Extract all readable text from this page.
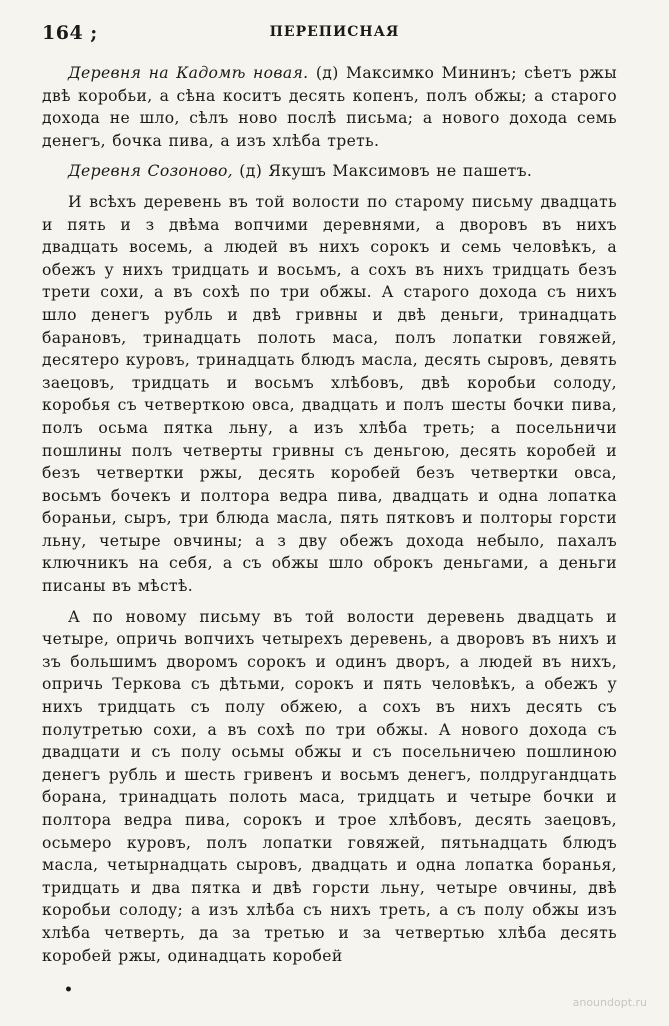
164 ;	ПЕРЕПИСНАЯ

Деревня на Кадомѣ новая. (д) Максимко Мининъ; сѣетъ ржы двѣ коробьи, а сѣна коситъ десять копенъ, полъ обжы; а старого дохода не шло, сѣлъ ново послѣ письма; а нового дохода семь денегъ, бочка пива, а изъ хлѣба треть.

Деревня Созоново, (д) Якушъ Максимовъ не пашетъ.

И всѣхъ деревень въ той волости по старому письму двадцать и пять и з двѣма вопчими деревнями, а дворовъ въ нихъ двадцать восемь, а людей въ нихъ сорокъ и семь человѣкъ, а обежъ у нихъ тридцать и восьмъ, а сохъ въ нихъ тридцать безъ трети сохи, а въ сохѣ по три обжы. А старого дохода съ нихъ шло денегъ рубль и двѣ гривны и двѣ деньги, тринадцать барановъ, тринадцать полоть маса, полъ лопатки говяжей, десятеро куровъ, тринадцать блюдъ масла, десять сыровъ, девять заецовъ, тридцать и восьмъ хлѣбовъ, двѣ коробьи солоду, коробья съ четверткою овса, двадцать и полъ шесты бочки пива, полъ осьма пятка льну, а изъ хлѣба треть; а посельничи пошлины полъ четверты гривны съ деньгою, десять коробей и безъ четвертки ржы, десять коробей безъ четвертки овса, восьмъ бочекъ и полтора ведра пива, двадцать и одна лопатка бораньи, сыръ, три блюда масла, пять пятковъ и полторы горсти льну, четыре овчины; а з дву обежъ дохода небыло, пахалъ ключникъ на себя, а съ обжы шло оброкъ деньгами, а деньги писаны въ мѣстѣ.

А по новому письму въ той волости деревень двадцать и четыре, опричь вопчихъ четырехъ деревень, а дворовъ въ нихъ и зъ большимъ дворомъ сорокъ и одинъ дворъ, а людей въ нихъ, опричь Теркова съ дѣтьми, сорокъ и пять человѣкъ, а обежъ у нихъ тридцать съ полу обжею, а сохъ въ нихъ десять съ полутретью сохи, а въ сохѣ по три обжы. А нового дохода съ двадцати и съ полу осьмы обжы и съ посельничею пошлиною денегъ рубль и шесть гривенъ и восьмъ денегъ, полдругандцать борана, тринадцать полоть маса, тридцать и четыре бочки и полтора ведра пива, сорокъ и трое хлѣбовъ, десять заецовъ, осьмеро куровъ, полъ лопатки говяжей, пятьнадцать блюдъ масла, четырнадцать сыровъ, двадцать и одна лопатка боранья, тридцать и два пятка и двѣ горсти льну, четыре овчины, двѣ коробьи солоду; а изъ хлѣба съ нихъ треть, а съ полу обжы изъ хлѣба четверть, да за третью и за четвертью хлѣба десять коробей ржы, одинадцать коробей

•
anoundopt.ru
